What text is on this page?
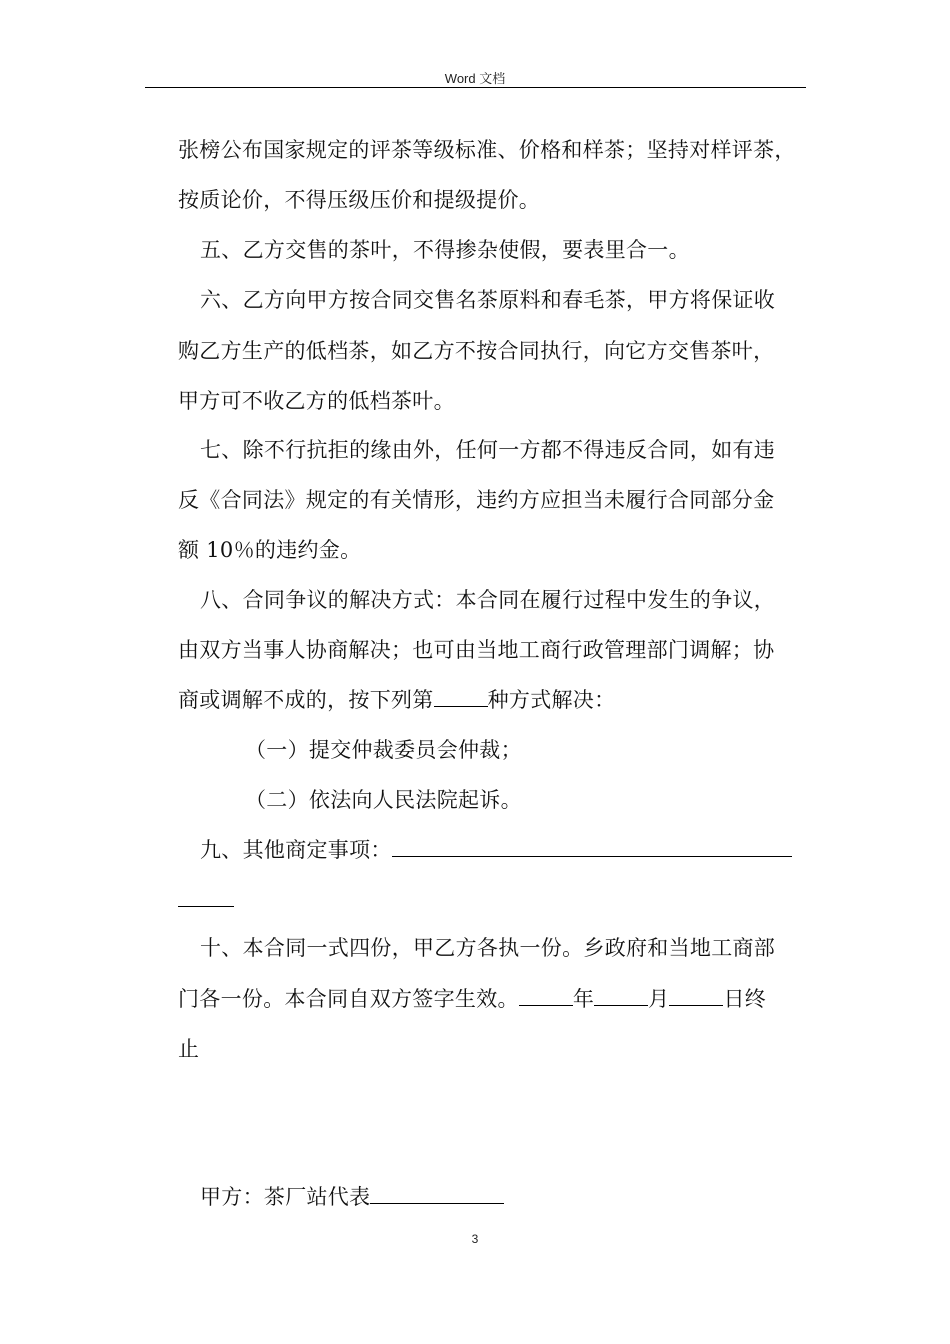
Word 文档
张榜公布国家规定的评茶等级标准、价格和样茶；坚持对样评茶，
按质论价，不得压级压价和提级提价。
五、乙方交售的茶叶，不得掺杂使假，要表里合一。
六、乙方向甲方按合同交售名茶原料和春毛茶，甲方将保证收
购乙方生产的低档茶，如乙方不按合同执行，向它方交售茶叶，
甲方可不收乙方的低档茶叶。
七、除不行抗拒的缘由外，任何一方都不得违反合同，如有违
反《合同法》规定的有关情形，违约方应担当未履行合同部分金
额 10％的违约金。
八、合同争议的解决方式：本合同在履行过程中发生的争议，
由双方当事人协商解决；也可由当地工商行政管理部门调解；协
商或调解不成的，按下列第	种方式解决：
（一）提交仲裁委员会仲裁；
（二）依法向人民法院起诉。
九、其他商定事项：
十、本合同一式四份，甲乙方各执一份。乡政府和当地工商部
门各一份。本合同自双方签字生效。	年	月	日终
止
甲方：茶厂站代表
3
